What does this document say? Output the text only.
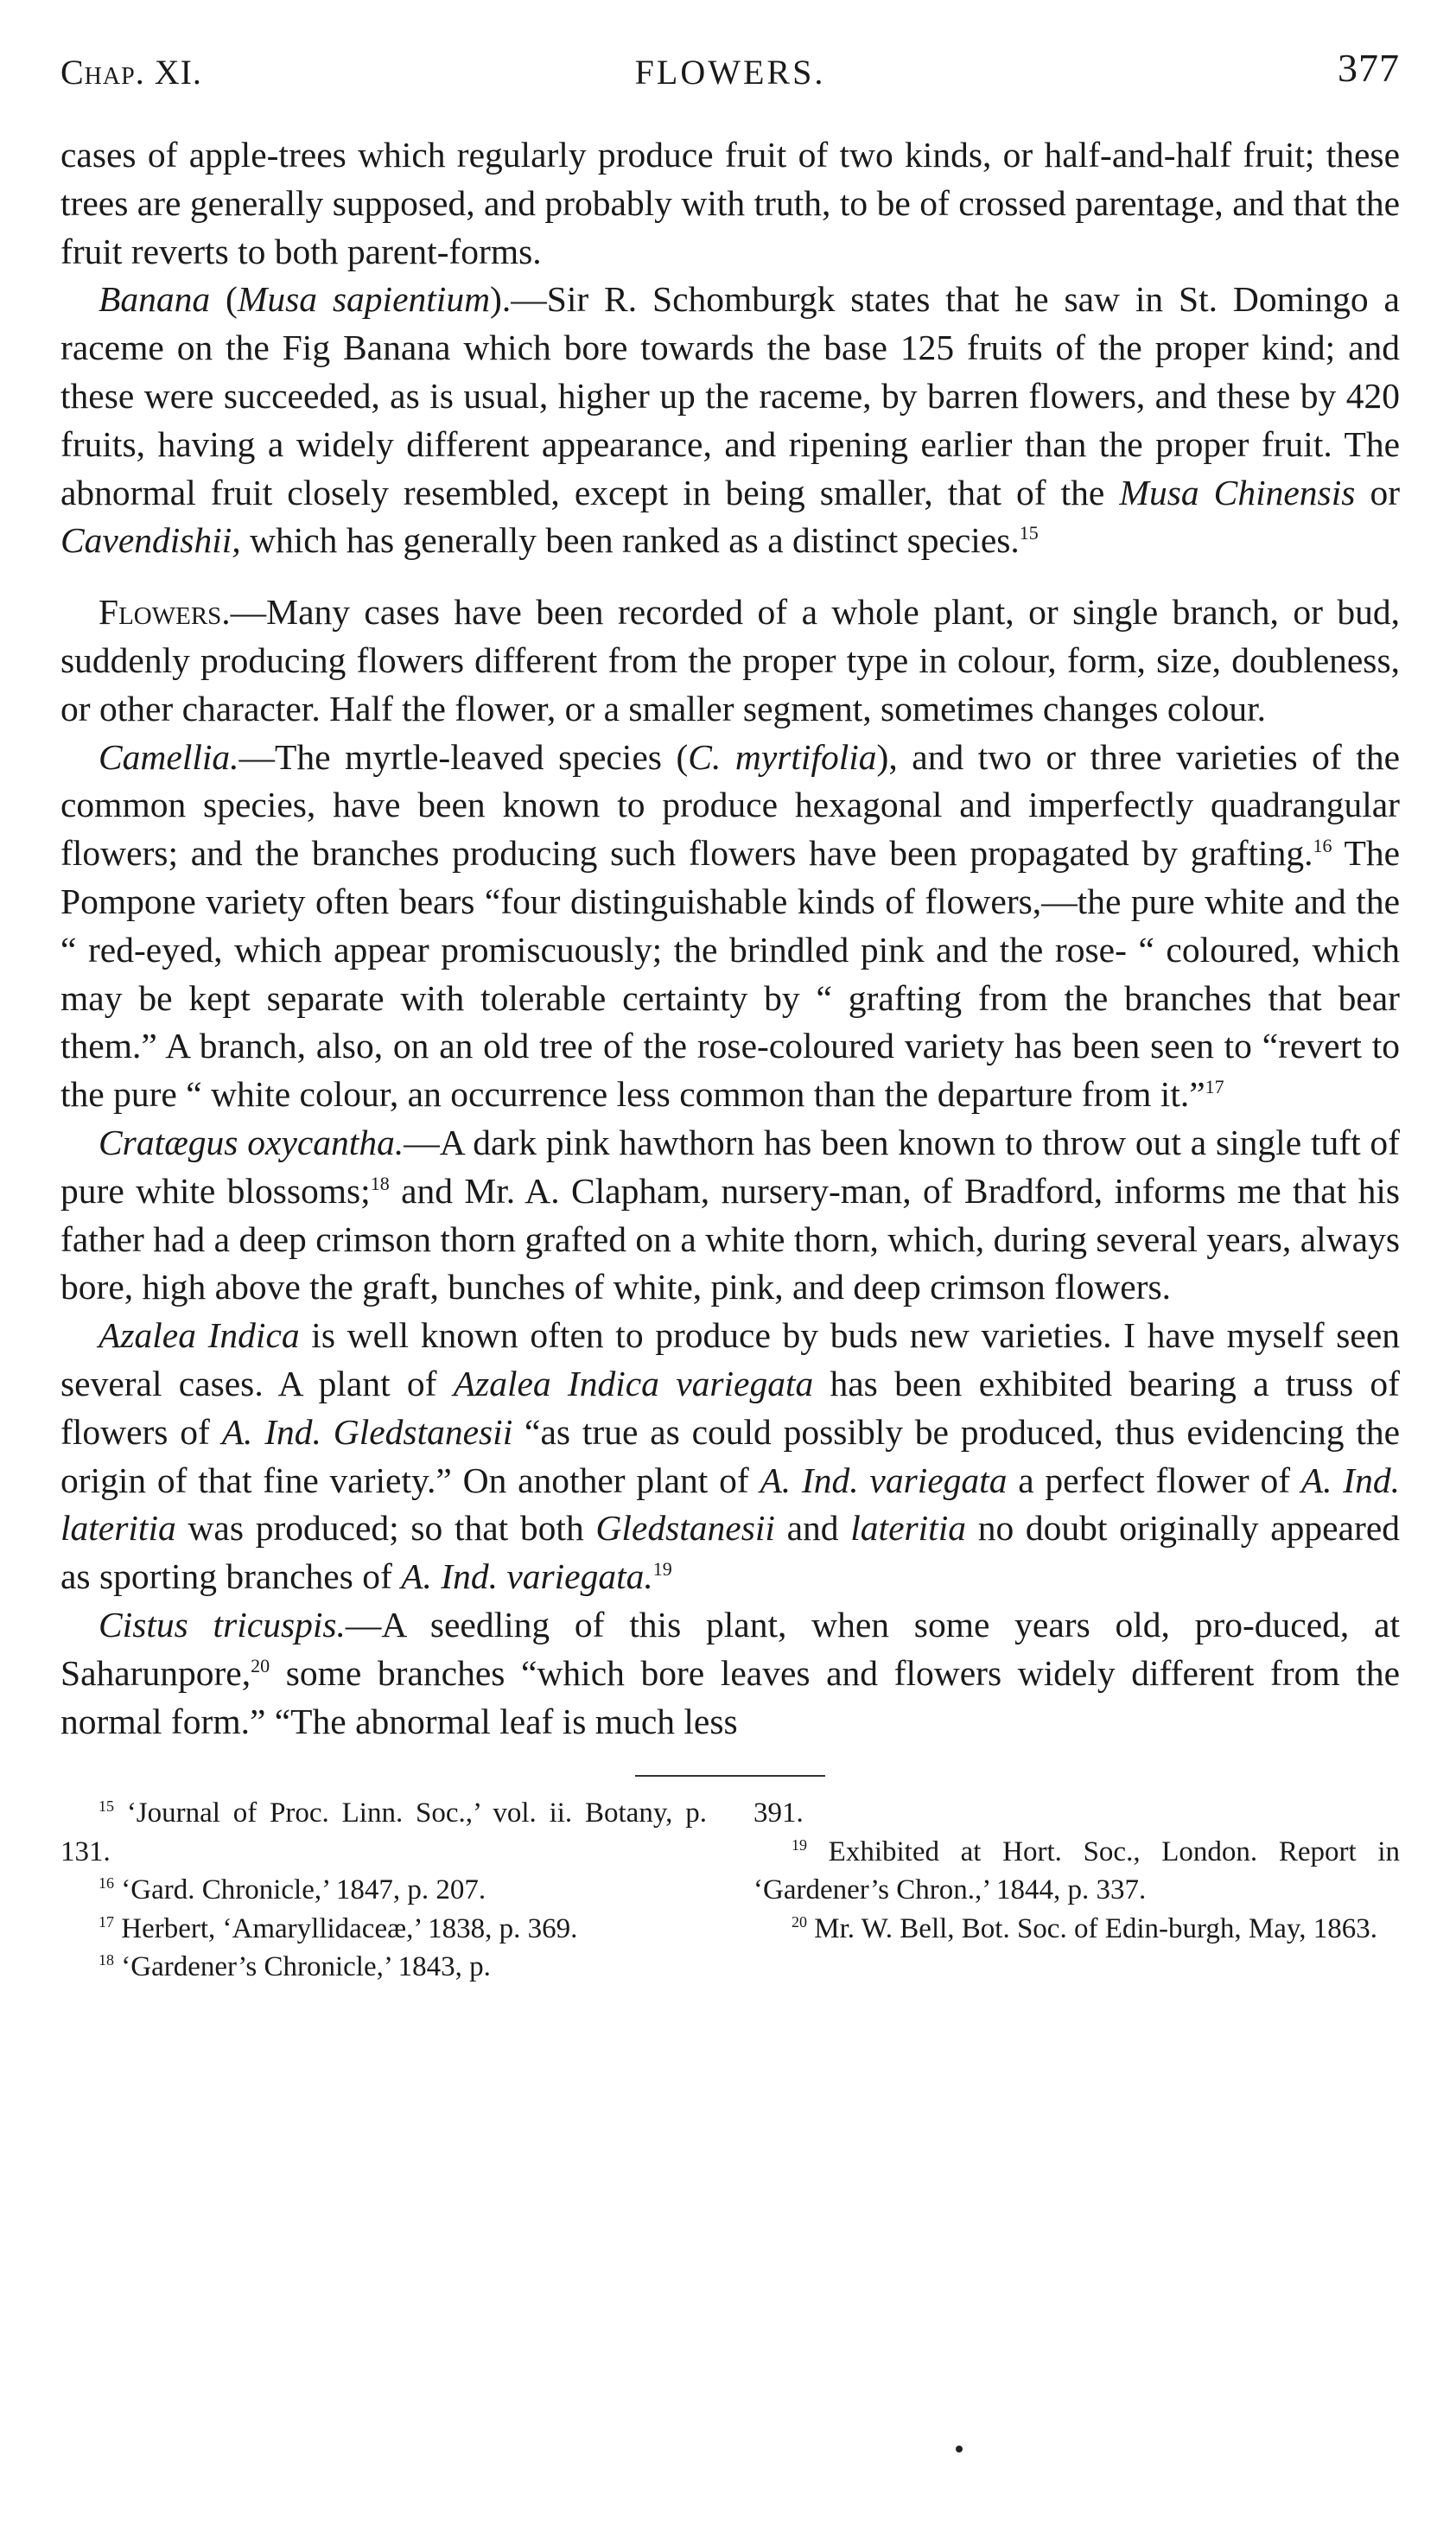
Chap. XI.	FLOWERS.	377

cases of apple-trees which regularly produce fruit of two kinds, or half-and-half fruit; these trees are generally supposed, and probably with truth, to be of crossed parentage, and that the fruit reverts to both parent-forms.

Banana (Musa sapientium).—Sir R. Schomburgk states that he saw in St. Domingo a raceme on the Fig Banana which bore towards the base 125 fruits of the proper kind; and these were succeeded, as is usual, higher up the raceme, by barren flowers, and these by 420 fruits, having a widely different appearance, and ripening earlier than the proper fruit. The abnormal fruit closely resembled, except in being smaller, that of the Musa Chinensis or Cavendishii, which has generally been ranked as a distinct species.$^{15}$

Flowers.—Many cases have been recorded of a whole plant, or single branch, or bud, suddenly producing flowers different from the proper type in colour, form, size, doubleness, or other character. Half the flower, or a smaller segment, sometimes changes colour.

Camellia.—The myrtle-leaved species (C. myrtifolia), and two or three varieties of the common species, have been known to produce hexagonal and imperfectly quadrangular flowers; and the branches producing such flowers have been propagated by grafting.$^{16}$ The Pompone variety often bears “four distinguishable kinds of flowers,—the pure white and the “ red-eyed, which appear promiscuously; the brindled pink and the rose- “ coloured, which may be kept separate with tolerable certainty by “ grafting from the branches that bear them.” A branch, also, on an old tree of the rose-coloured variety has been seen to “revert to the pure “ white colour, an occurrence less common than the departure from it.”$^{17}$

Cratægus oxycantha.—A dark pink hawthorn has been known to throw out a single tuft of pure white blossoms;$^{18}$ and Mr. A. Clapham, nursery-man, of Bradford, informs me that his father had a deep crimson thorn grafted on a white thorn, which, during several years, always bore, high above the graft, bunches of white, pink, and deep crimson flowers.

Azalea Indica is well known often to produce by buds new varieties. I have myself seen several cases. A plant of Azalea Indica variegata has been exhibited bearing a truss of flowers of A. Ind. Gledstanesii “as true as could possibly be produced, thus evidencing the origin of that fine variety.” On another plant of A. Ind. variegata a perfect flower of A. Ind. lateritia was produced; so that both Gledstanesii and lateritia no doubt originally appeared as sporting branches of A. Ind. variegata.$^{19}$

Cistus tricuspis.—A seedling of this plant, when some years old, pro-duced, at Saharunpore,$^{20}$ some branches “which bore leaves and flowers widely different from the normal form.” “The abnormal leaf is much less

$^{15}$ ‘Journal of Proc. Linn. Soc.,’ vol. ii. Botany, p. 131.

$^{16}$ ‘Gard. Chronicle,’ 1847, p. 207.

$^{17}$ Herbert, ‘Amaryllidaceæ,’ 1838, p. 369.

$^{18}$ ‘Gardener’s Chronicle,’ 1843, p.

391.

$^{19}$ Exhibited at Hort. Soc., London. Report in ‘Gardener’s Chron.,’ 1844, p. 337.

$^{20}$ Mr. W. Bell, Bot. Soc. of Edin-burgh, May, 1863.
